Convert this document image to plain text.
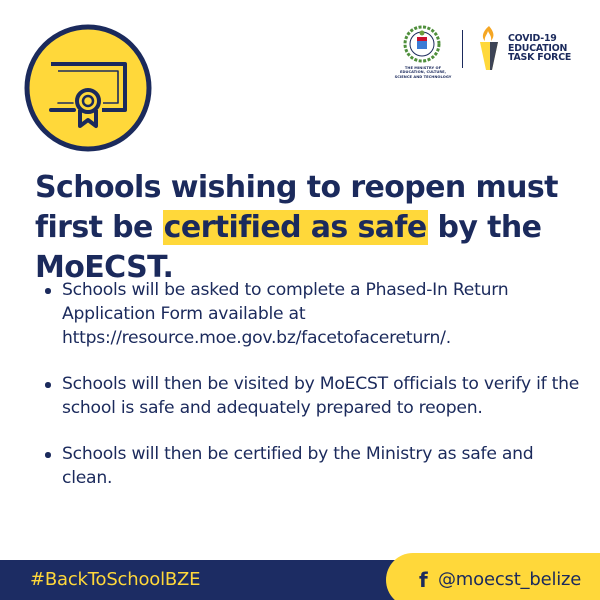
THE MINISTRY OF EDUCATION, CULTURE, SCIENCE AND TECHNOLOGY
COVID-19 EDUCATION TASK FORCE
Schools wishing to reopen must first be certified as safe by the MoECST.
Schools will be asked to complete a Phased-In Return Application Form available at https://resource.moe.gov.bz/facetofacereturn/.
Schools will then be visited by MoECST officials to verify if the school is safe and adequately prepared to reopen.
Schools will then be certified by the Ministry as safe and clean.
#BackToSchoolBZE	f @moecst_belize
